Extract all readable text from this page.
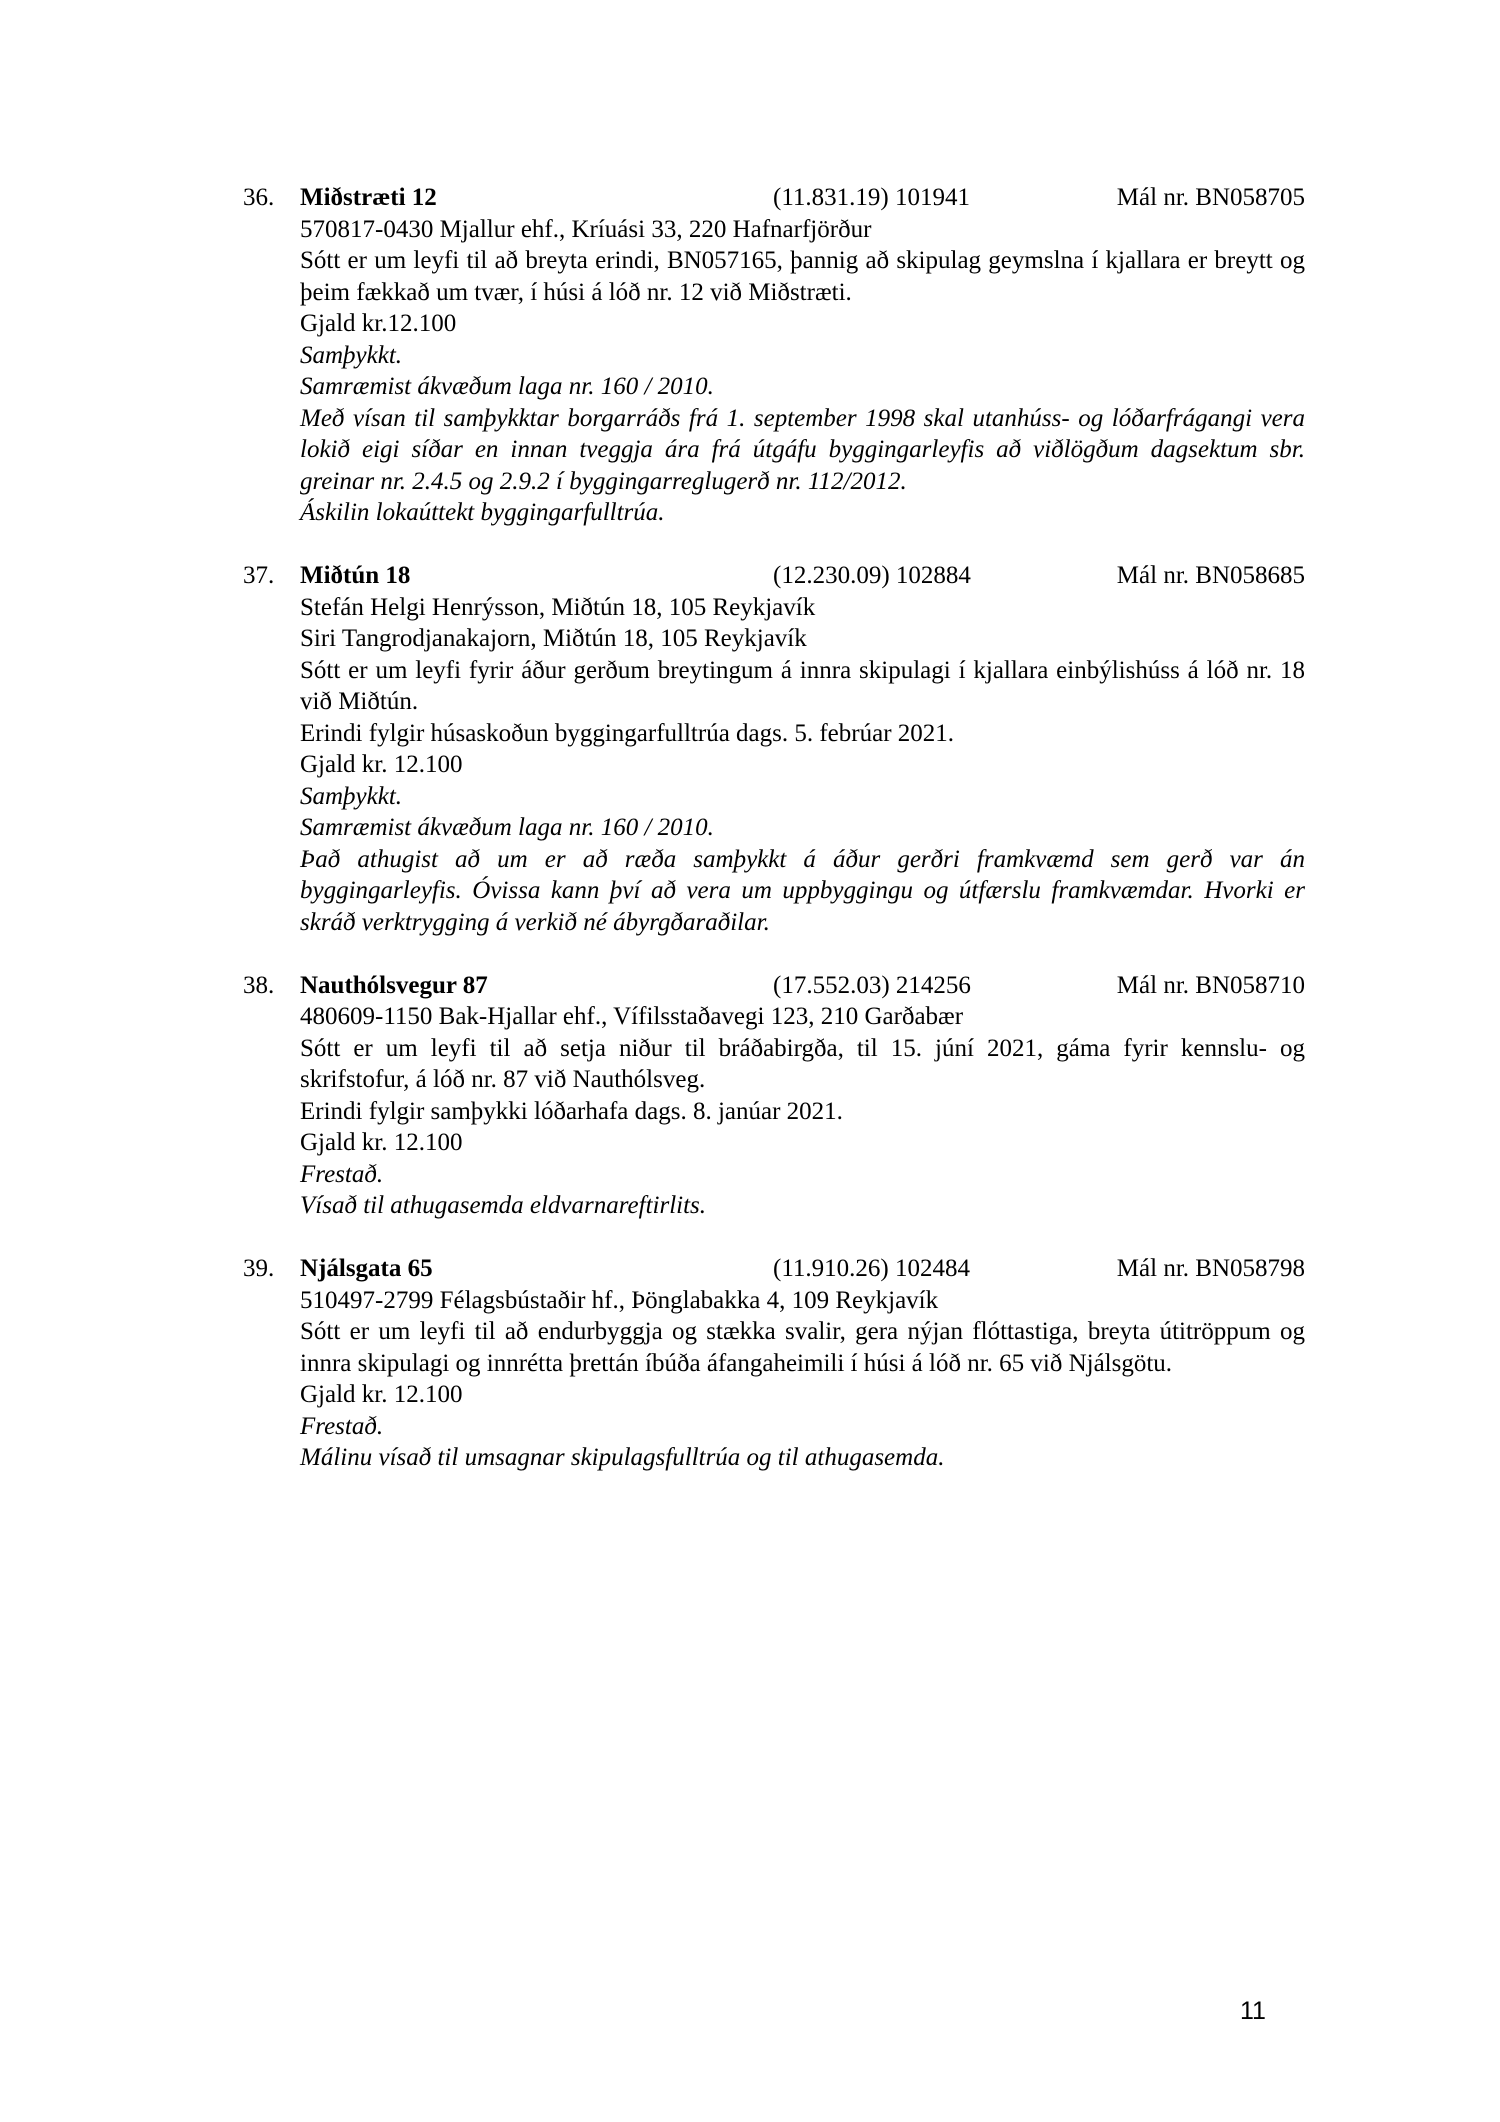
36. Miðstræti 12	(11.831.19) 101941	Mál nr. BN058705

570817-0430 Mjallur ehf., Kríuási 33, 220 Hafnarfjörður

Sótt er um leyfi til að breyta erindi, BN057165, þannig að skipulag geymslna í kjallara er breytt og þeim fækkað um tvær, í húsi á lóð nr. 12 við Miðstræti.

Gjald kr.12.100

Samþykkt.

Samræmist ákvæðum laga nr. 160 / 2010.

Með vísan til samþykktar borgarráðs frá 1. september 1998 skal utanhúss- og lóðarfrágangi vera lokið eigi síðar en innan tveggja ára frá útgáfu byggingarleyfis að viðlögðum dagsektum sbr. greinar nr. 2.4.5 og 2.9.2 í byggingarreglugerð nr. 112/2012.

Áskilin lokaúttekt byggingarfulltrúa.

37. Miðtún 18	(12.230.09) 102884	Mál nr. BN058685

Stefán Helgi Henrýsson, Miðtún 18, 105 Reykjavík

Siri Tangrodjanakajorn, Miðtún 18, 105 Reykjavík

Sótt er um leyfi fyrir áður gerðum breytingum á innra skipulagi í kjallara einbýlishúss á lóð nr. 18 við Miðtún.

Erindi fylgir húsaskoðun byggingarfulltrúa dags. 5. febrúar 2021.

Gjald kr. 12.100

Samþykkt.

Samræmist ákvæðum laga nr. 160 / 2010.

Það athugist að um er að ræða samþykkt á áður gerðri framkvæmd sem gerð var án byggingarleyfis. Óvissa kann því að vera um uppbyggingu og útfærslu framkvæmdar. Hvorki er skráð verktrygging á verkið né ábyrgðaraðilar.

38. Nauthólsvegur 87	(17.552.03) 214256	Mál nr. BN058710

480609-1150 Bak-Hjallar ehf., Vífilsstaðavegi 123, 210 Garðabær

Sótt er um leyfi til að setja niður til bráðabirgða, til 15. júní 2021, gáma fyrir kennslu- og skrifstofur, á lóð nr. 87 við Nauthólsveg.

Erindi fylgir samþykki lóðarhafa dags. 8. janúar 2021.

Gjald kr. 12.100

Frestað.

Vísað til athugasemda eldvarnareftirlits.

39. Njálsgata 65	(11.910.26) 102484	Mál nr. BN058798

510497-2799 Félagsbústaðir hf., Þönglabakka 4, 109 Reykjavík

Sótt er um leyfi til að endurbyggja og stækka svalir, gera nýjan flóttastiga, breyta útitröppum og innra skipulagi og innrétta þrettán íbúða áfangaheimili í húsi á lóð nr. 65 við Njálsgötu.

Gjald kr. 12.100

Frestað.

Málinu vísað til umsagnar skipulagsfulltrúa og til athugasemda.

11
